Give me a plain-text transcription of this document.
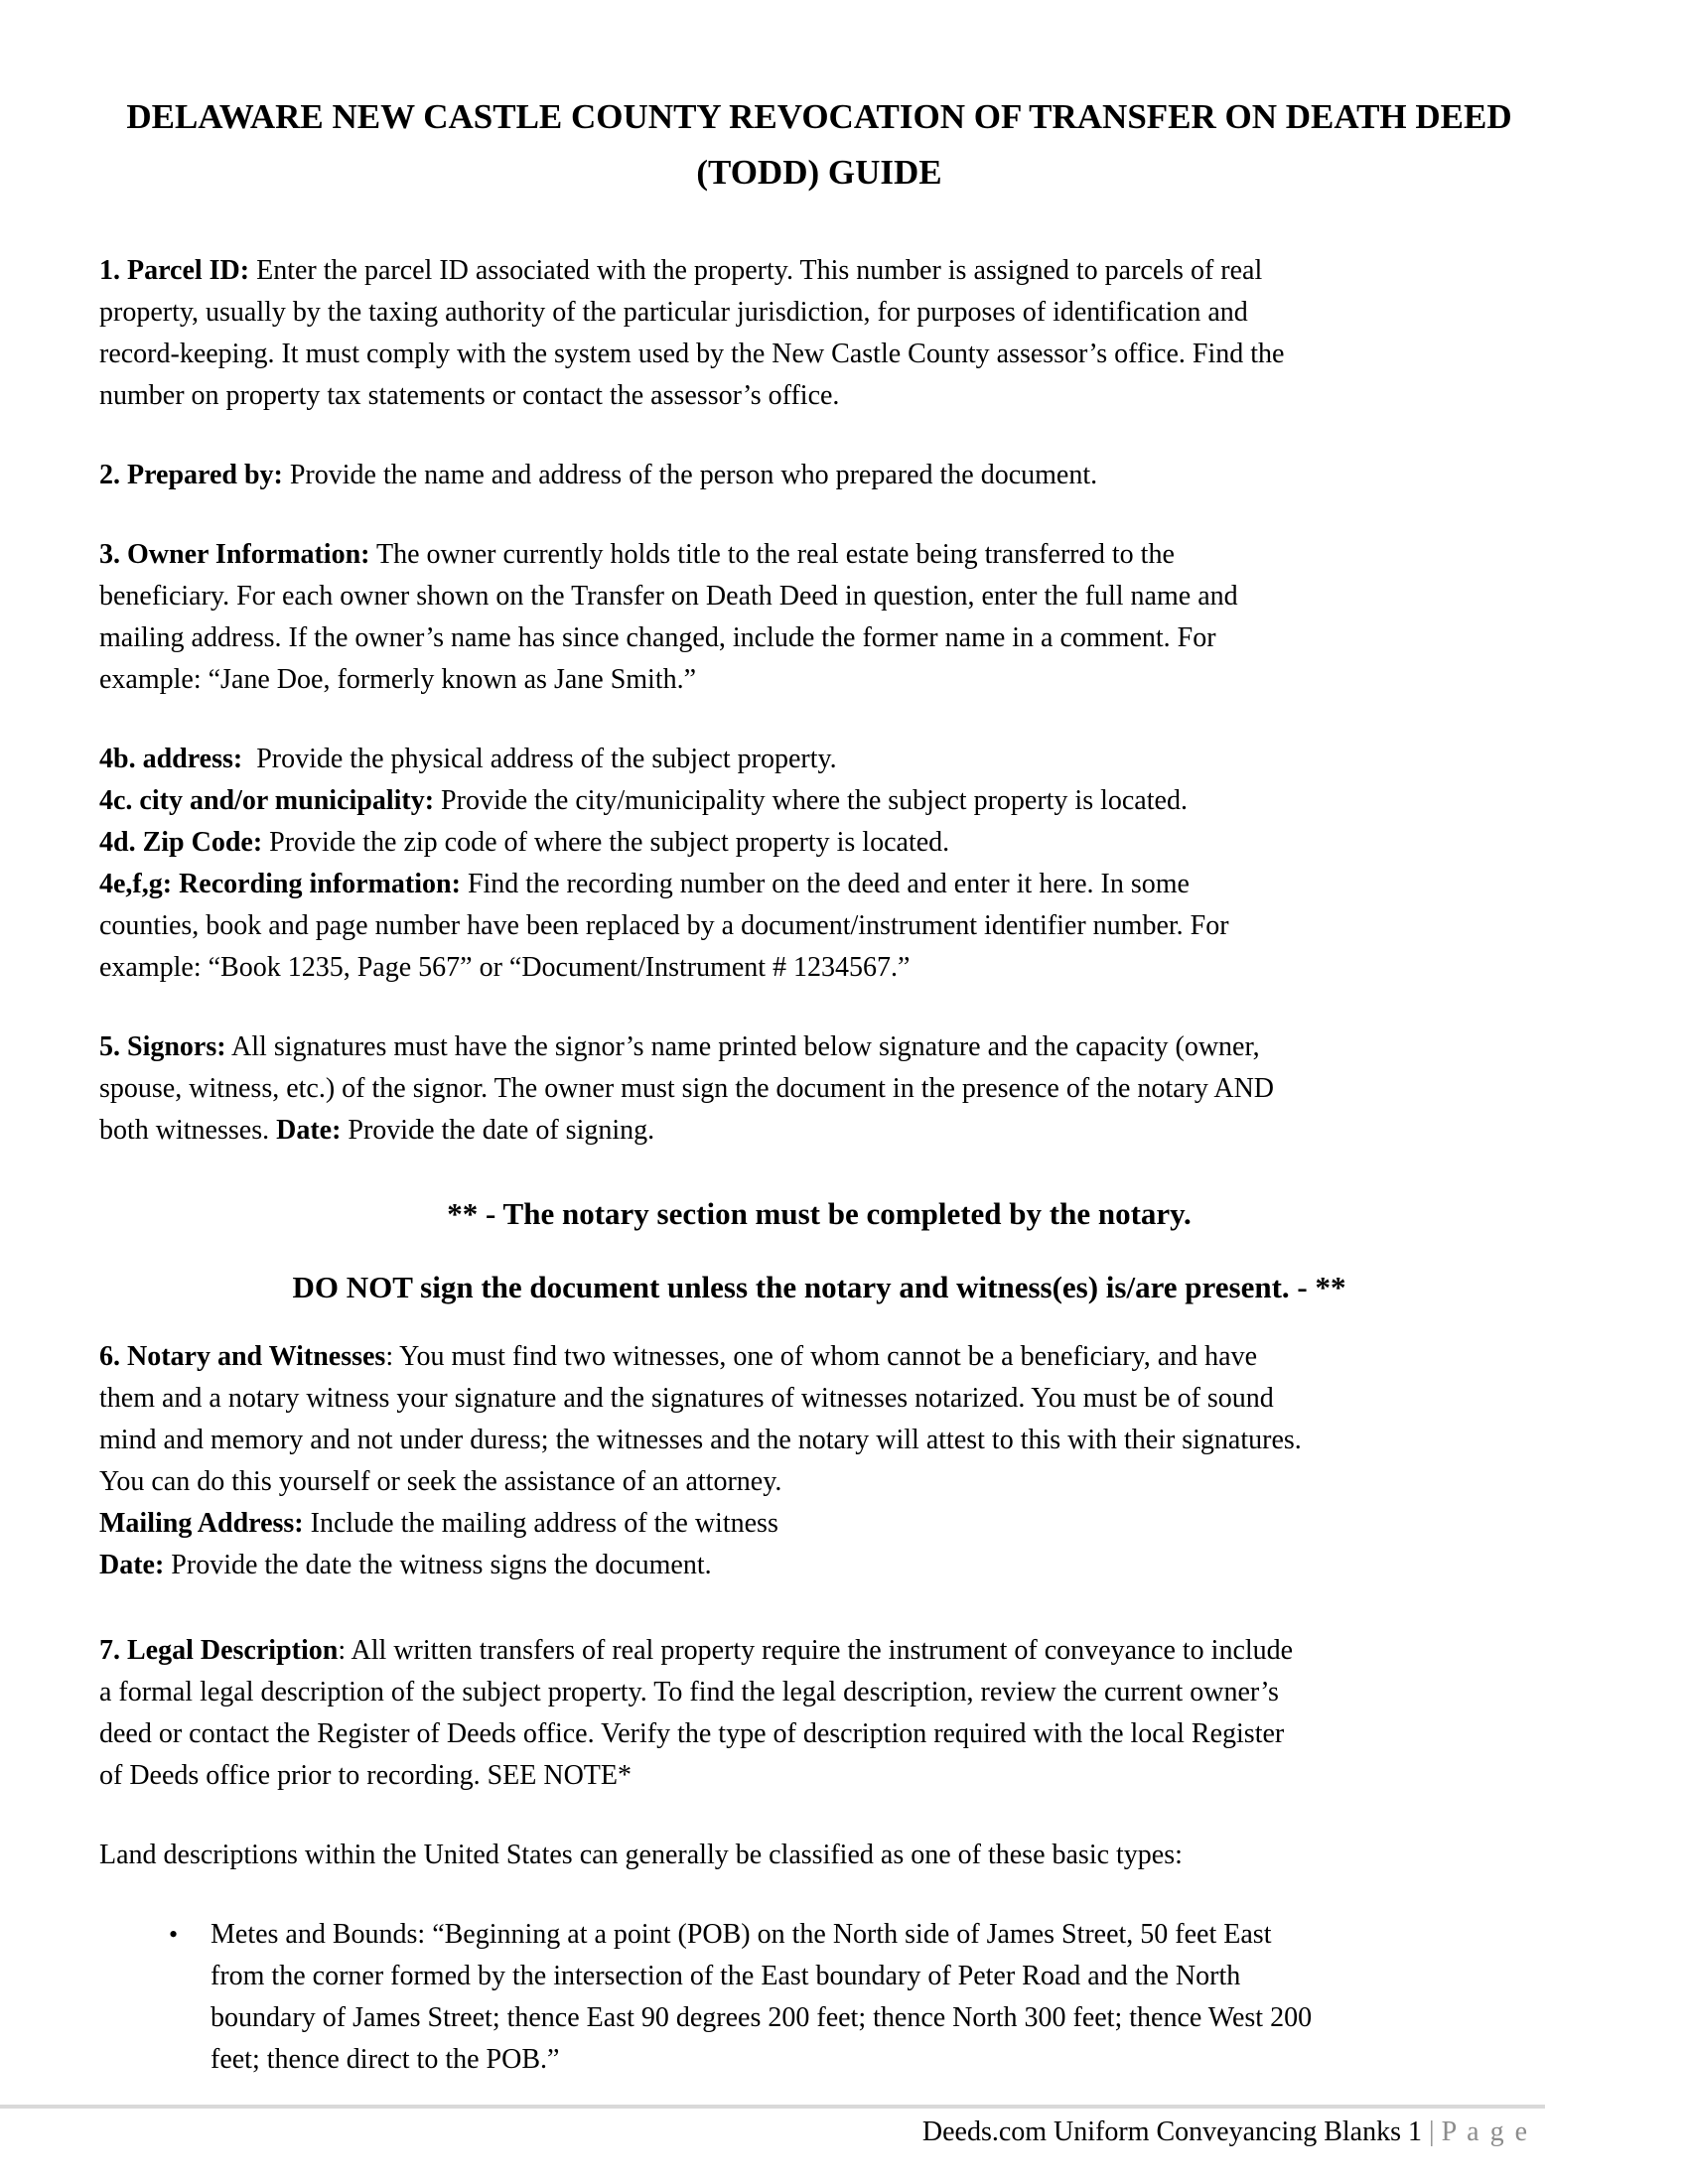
DELAWARE NEW CASTLE COUNTY REVOCATION OF TRANSFER ON DEATH DEED
(TODD) GUIDE
1. Parcel ID: Enter the parcel ID associated with the property. This number is assigned to parcels of real
property, usually by the taxing authority of the particular jurisdiction, for purposes of identification and
record-keeping. It must comply with the system used by the New Castle County assessor’s office. Find the
number on property tax statements or contact the assessor’s office.
2. Prepared by: Provide the name and address of the person who prepared the document.
3. Owner Information: The owner currently holds title to the real estate being transferred to the
beneficiary. For each owner shown on the Transfer on Death Deed in question, enter the full name and
mailing address. If the owner’s name has since changed, include the former name in a comment. For
example: “Jane Doe, formerly known as Jane Smith.”
4b. address:  Provide the physical address of the subject property.
4c. city and/or municipality: Provide the city/municipality where the subject property is located.
4d. Zip Code: Provide the zip code of where the subject property is located.
4e,f,g: Recording information: Find the recording number on the deed and enter it here. In some
counties, book and page number have been replaced by a document/instrument identifier number. For
example: “Book 1235, Page 567” or “Document/Instrument # 1234567.”
5. Signors: All signatures must have the signor’s name printed below signature and the capacity (owner,
spouse, witness, etc.) of the signor. The owner must sign the document in the presence of the notary AND
both witnesses. Date: Provide the date of signing.
** - The notary section must be completed by the notary.
DO NOT sign the document unless the notary and witness(es) is/are present. - **
6. Notary and Witnesses: You must find two witnesses, one of whom cannot be a beneficiary, and have
them and a notary witness your signature and the signatures of witnesses notarized. You must be of sound
mind and memory and not under duress; the witnesses and the notary will attest to this with their signatures.
You can do this yourself or seek the assistance of an attorney.
Mailing Address: Include the mailing address of the witness
Date: Provide the date the witness signs the document.
7. Legal Description: All written transfers of real property require the instrument of conveyance to include
a formal legal description of the subject property. To find the legal description, review the current owner’s
deed or contact the Register of Deeds office. Verify the type of description required with the local Register
of Deeds office prior to recording. SEE NOTE*
Land descriptions within the United States can generally be classified as one of these basic types:
•	Metes and Bounds: “Beginning at a point (POB) on the North side of James Street, 50 feet East
from the corner formed by the intersection of the East boundary of Peter Road and the North
boundary of James Street; thence East 90 degrees 200 feet; thence North 300 feet; thence West 200
feet; thence direct to the POB.”
Deeds.com Uniform Conveyancing Blanks 1 | P a g e
